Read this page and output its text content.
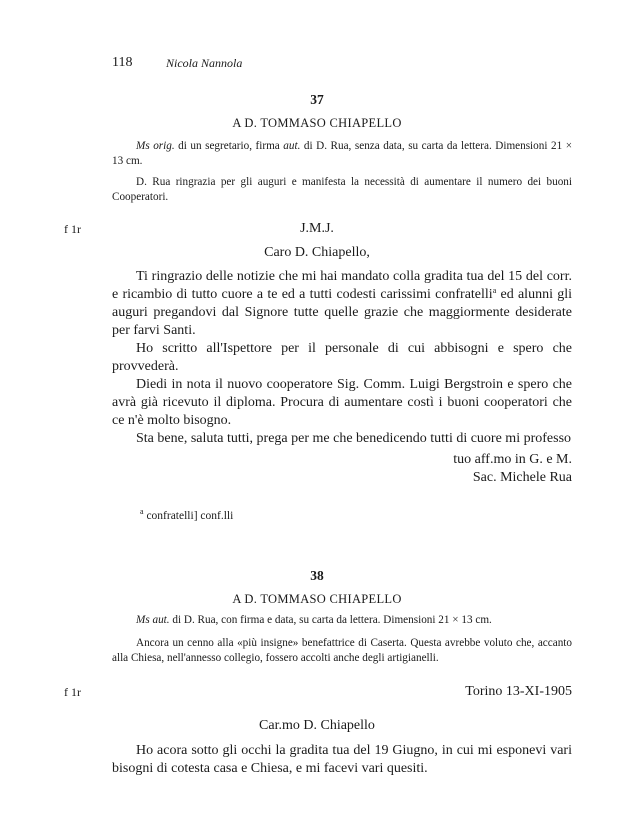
118	Nicola Nannola
37
A D. TOMMASO CHIAPELLO
Ms orig. di un segretario, firma aut. di D. Rua, senza data, su carta da lettera. Dimensioni 21 × 13 cm.
D. Rua ringrazia per gli auguri e manifesta la necessità di aumentare il numero dei buoni Cooperatori.
f 1r	J.M.J.
Caro D. Chiapello,

Ti ringrazio delle notizie che mi hai mandato colla gradita tua del 15 del corr. e ricambio di tutto cuore a te ed a tutti codesti carissimi confratelli$^a$ ed alunni gli auguri pregandovi dal Signore tutte quelle grazie che maggiormente desiderate per farvi Santi.

Ho scritto all'Ispettore per il personale di cui abbisogni e spero che provvederà.

Diedi in nota il nuovo cooperatore Sig. Comm. Luigi Bergstroin e spero che avrà già ricevuto il diploma. Procura di aumentare costì i buoni cooperatori che ce n'è molto bisogno.

Sta bene, saluta tutti, prega per me che benedicendo tutti di cuore mi professo

tuo aff.mo in G. e M.
Sac. Michele Rua
$^a$ confratelli] conf.lli
38
A D. TOMMASO CHIAPELLO
Ms aut. di D. Rua, con firma e data, su carta da lettera. Dimensioni 21 × 13 cm.
Ancora un cenno alla «più insigne» benefattrice di Caserta. Questa avrebbe voluto che, accanto alla Chiesa, nell'annesso collegio, fossero accolti anche degli artigianelli.
f 1r	Torino 13-XI-1905
Car.mo D. Chiapello

Ho acora sotto gli occhi la gradita tua del 19 Giugno, in cui mi esponevi vari bisogni di cotesta casa e Chiesa, e mi facevi vari quesiti.
